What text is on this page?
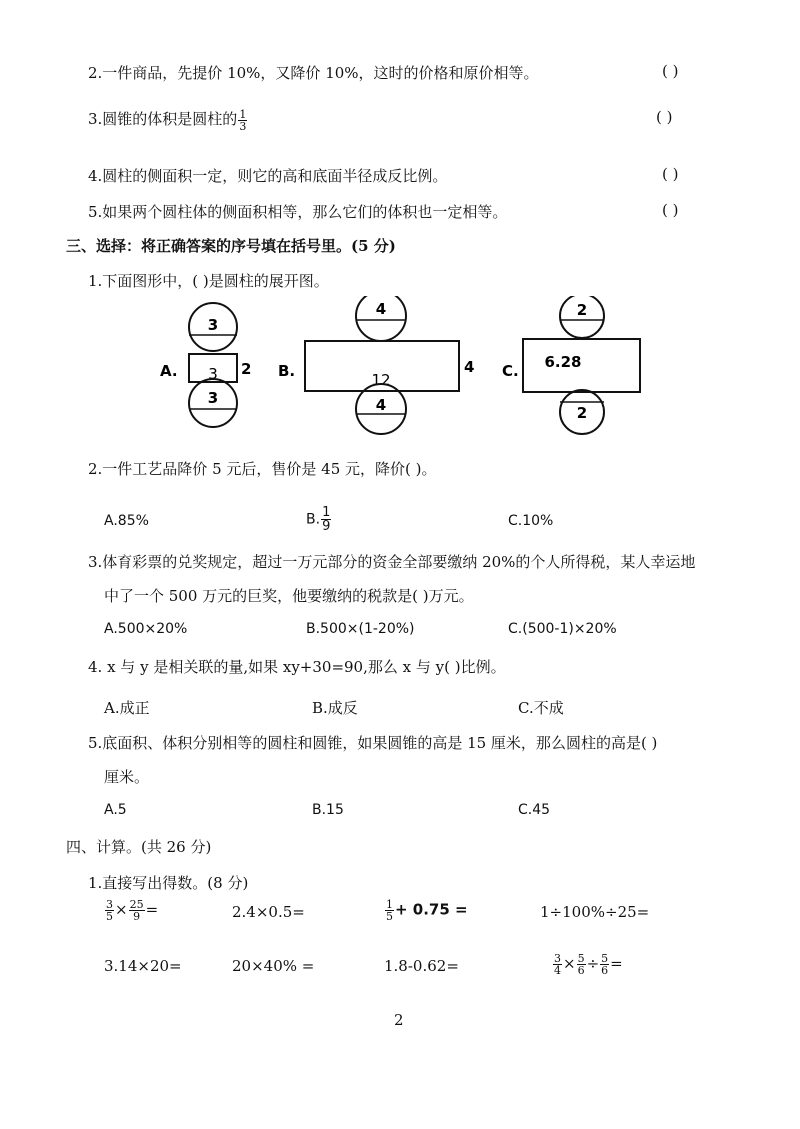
2.一件商品，先提价 10%，又降价 10%，这时的价格和原价相等。	( )
3.圆锥的体积是圆柱的 $\frac{1}{3}$	( )
4.圆柱的侧面积一定，则它的高和底面半径成反比例。	( )
5.如果两个圆柱体的侧面积相等，那么它们的体积也一定相等。	( )
三、选择：将正确答案的序号填在括号里。(5 分)
1.下面图形中，( )是圆柱的展开图。
A.
3
3 2
3
B.
4
12
4
4
C.
2
6.28
2
2.一件工艺品降价 5 元后，售价是 45 元，降价( )。
A.85%	B. $\frac{1}{9}$	C.10%
3.体育彩票的兑奖规定，超过一万元部分的资金全部要缴纳 20%的个人所得税，某人幸运地
中了一个 500 万元的巨奖，他要缴纳的税款是( )万元。
A.500×20%	B.500×(1-20%)	C.(500-1)×20%
4. x 与 y 是相关联的量,如果 xy+30=90,那么 x 与 y( )比例。
A.成正	B.成反	C.不成
5.底面积、体积分别相等的圆柱和圆锥，如果圆锥的高是 15 厘米，那么圆柱的高是( )
厘米。
A.5	B.15	C.45
四、计算。(共 26 分)
1.直接写出得数。(8 分)
$\frac{3}{5} \times \frac{25}{9}$ =	2.4×0.5=	$\frac{1}{5} + 0.75$ =	1÷100%÷25=
3.14×20=	20×40% =	1.8-0.62=	$\frac{3}{4} \times \frac{5}{6} \div \frac{5}{6}$ =
2
